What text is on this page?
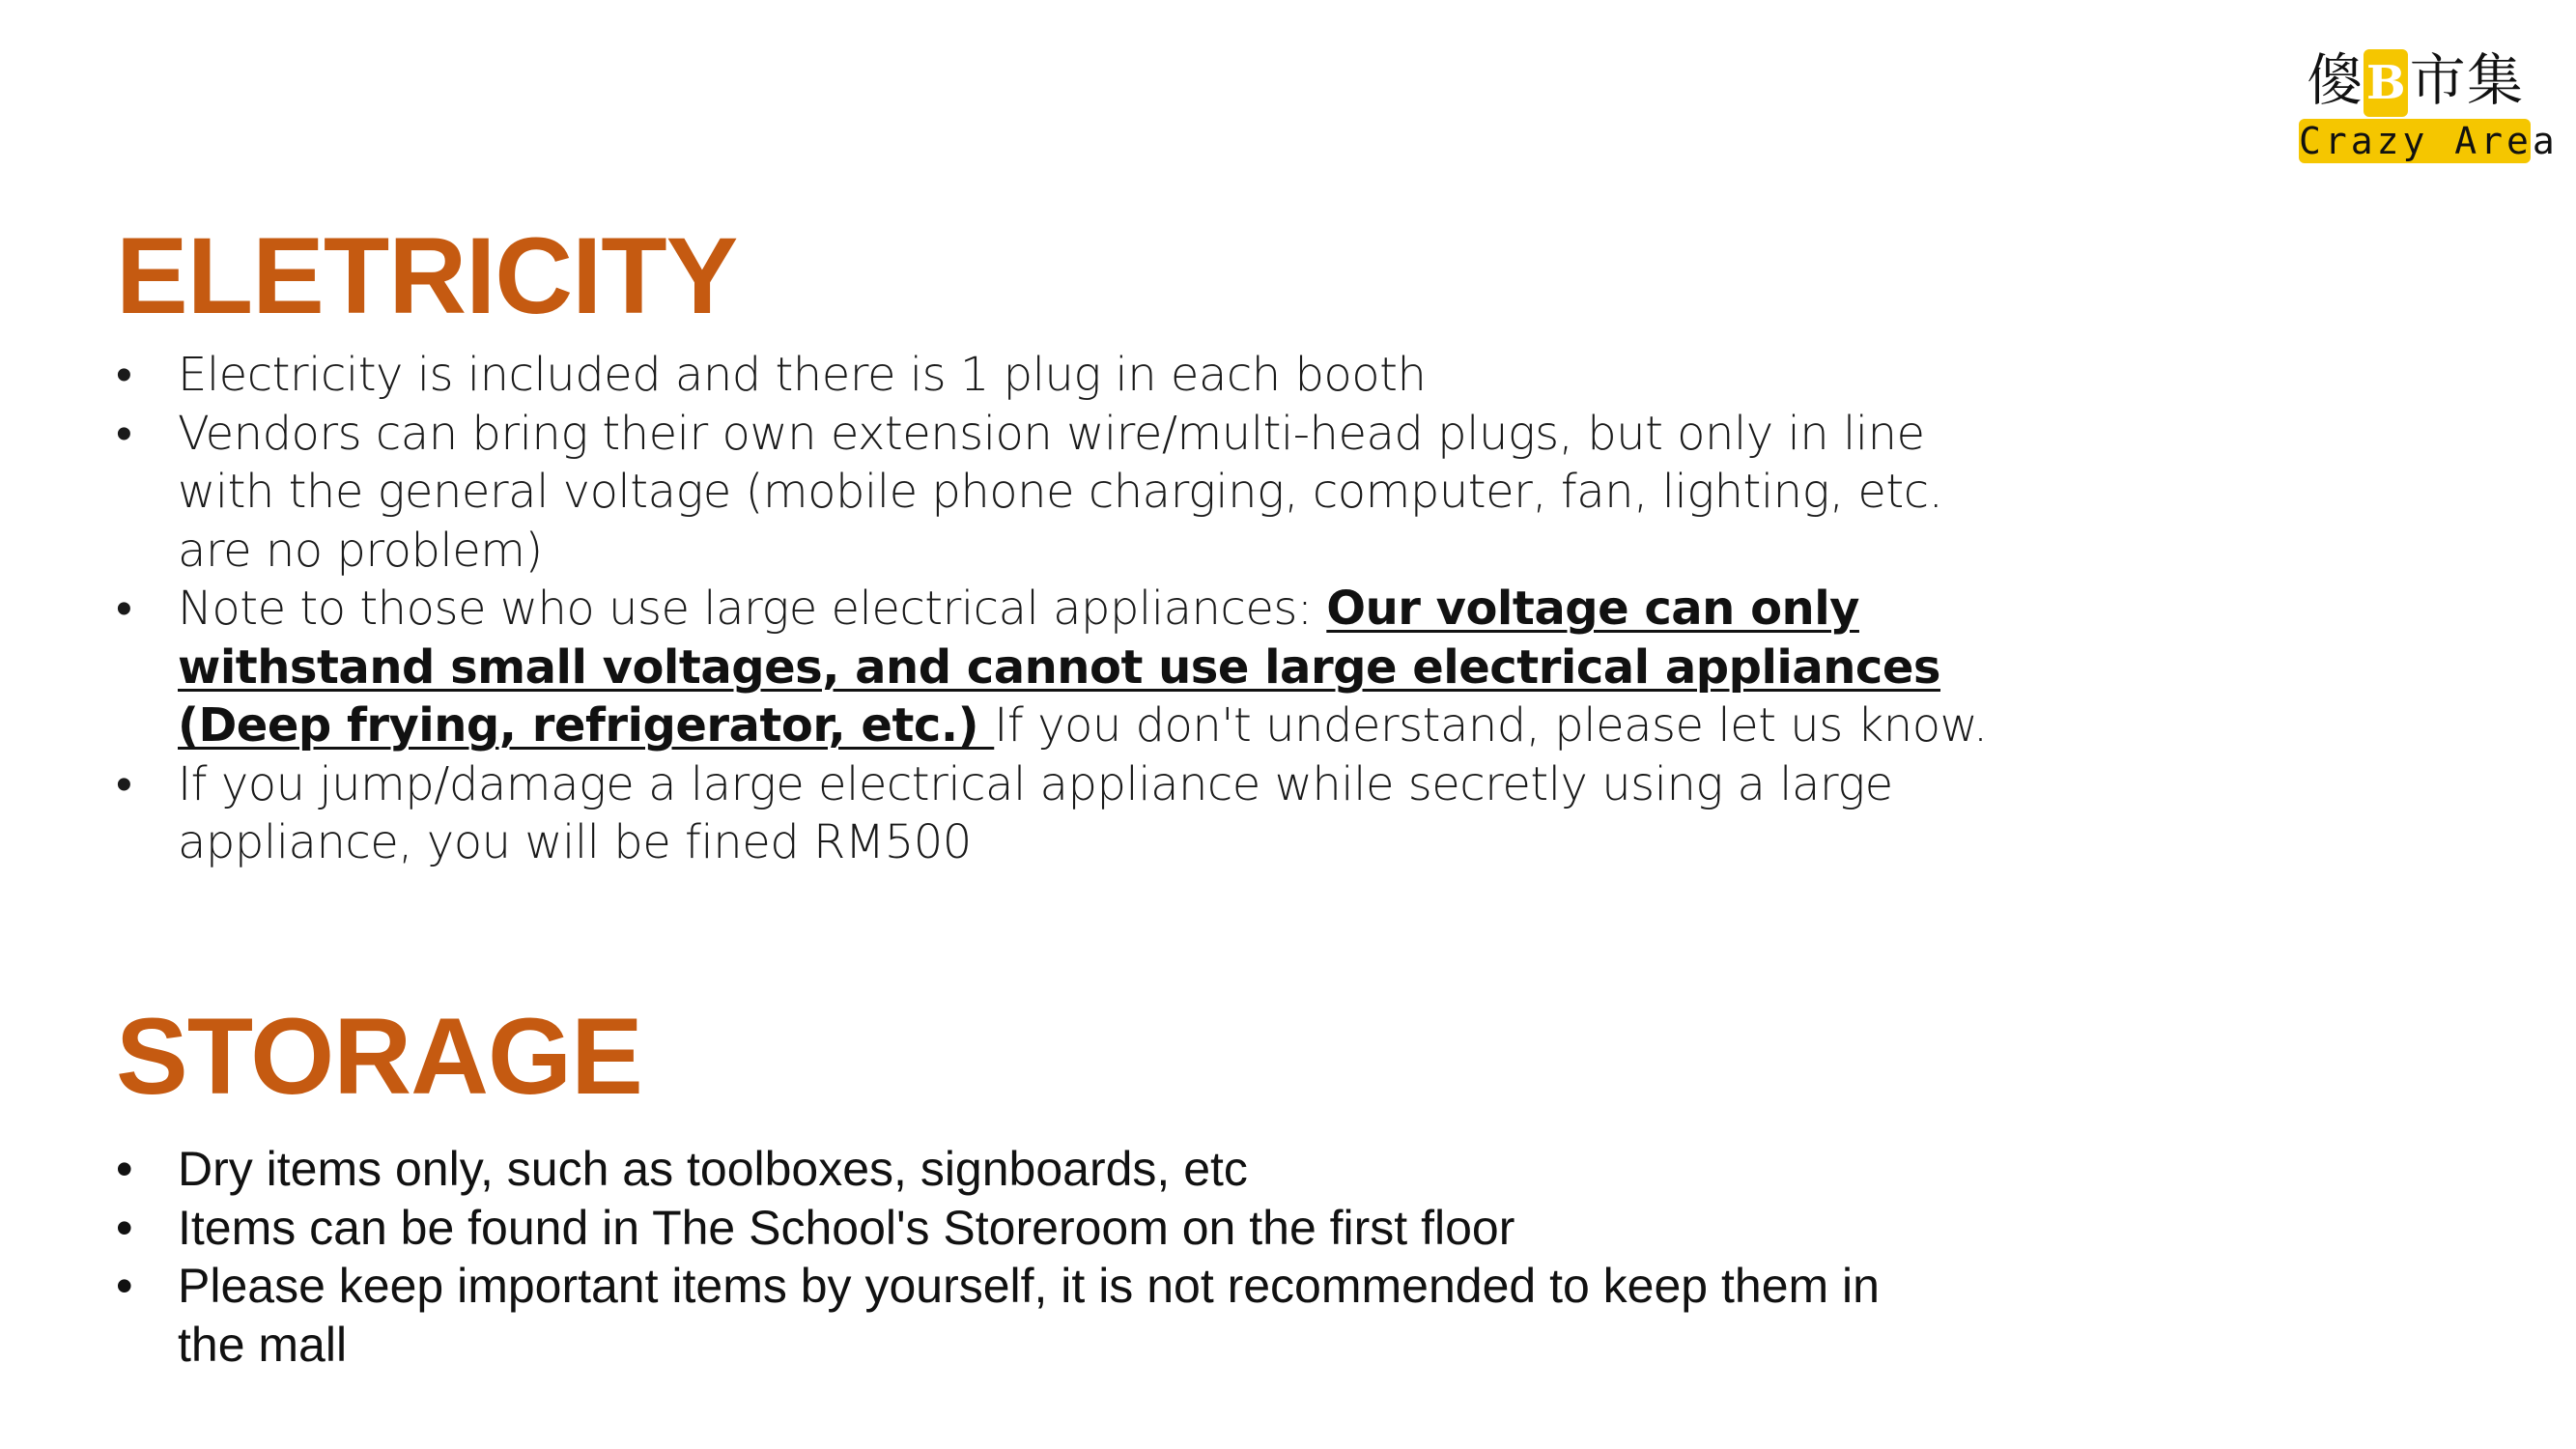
傻 B 市 集
Crazy Area
ELETRICITY
• Electricity is included and there is 1 plug in each booth
• Vendors can bring their own extension wire/multi-head plugs, but only in line with the general voltage (mobile phone charging, computer, fan, lighting, etc. are no problem)
• Note to those who use large electrical appliances: Our voltage can only withstand small voltages, and cannot use large electrical appliances (Deep frying, refrigerator, etc.) If you don't understand, please let us know.
• If you jump/damage a large electrical appliance while secretly using a large appliance, you will be fined RM500
STORAGE
• Dry items only, such as toolboxes, signboards, etc
• Items can be found in The School's Storeroom on the first floor
• Please keep important items by yourself, it is not recommended to keep them in the mall
